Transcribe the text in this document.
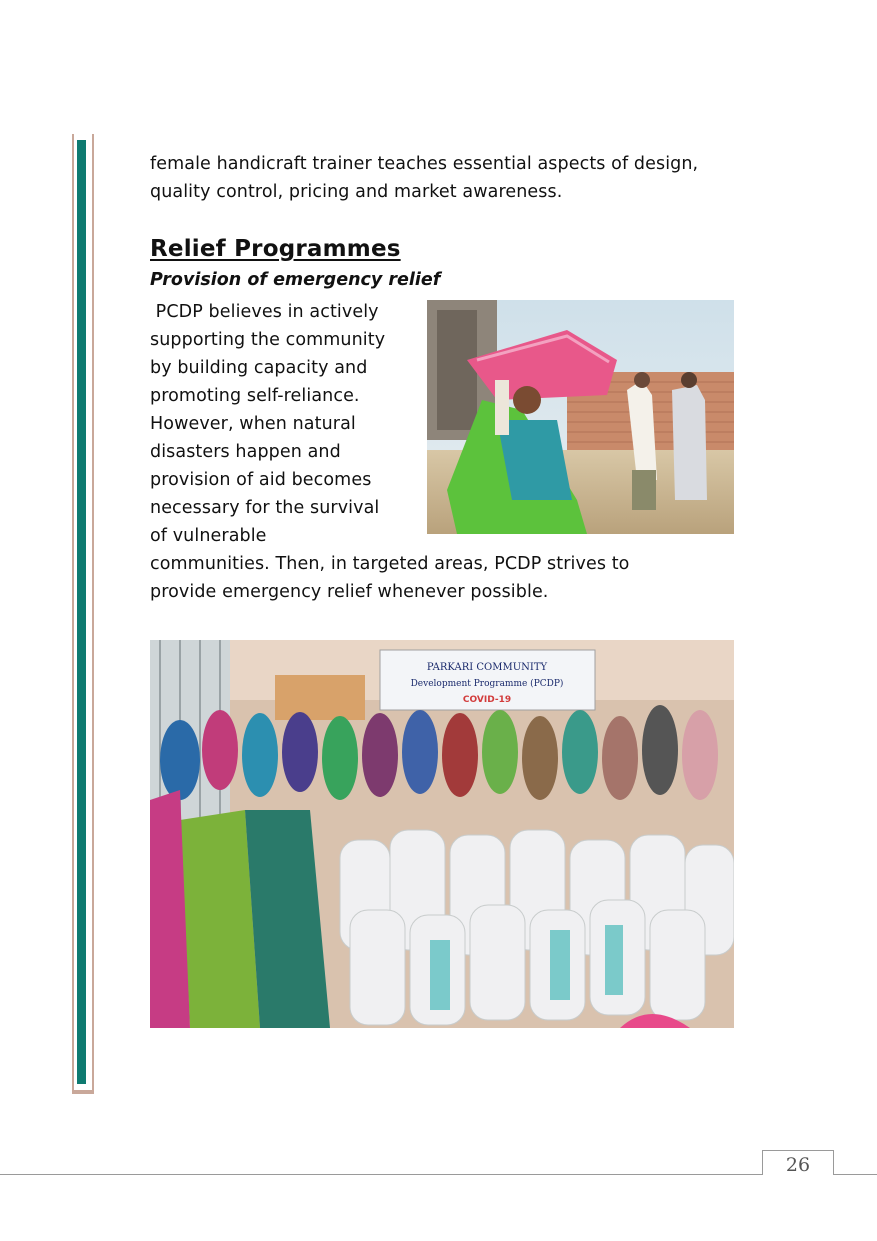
female handicraft trainer teaches essential aspects of design,
quality control, pricing and market awareness.
Relief Programmes
Provision of emergency relief
PCDP believes in actively
supporting the community
by building capacity and
promoting self-reliance.
However, when natural
disasters happen and
provision of aid becomes
necessary for the survival
of vulnerable
communities. Then, in targeted areas, PCDP strives to
provide emergency relief whenever possible.
PARKARI COMMUNITY
Development Programme (PCDP)
COVID-19
26
